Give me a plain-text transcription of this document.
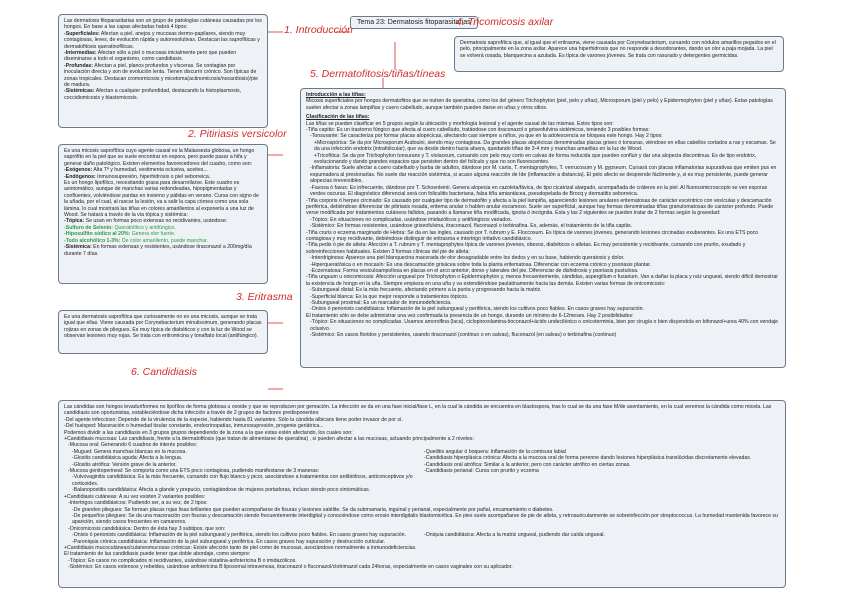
Tema 23: Dermatosis fitoparasitarias
1. Introducción
4. Tricomicosis axilar
5. Dermatofitosis/tiñas/tíneas
2. Pitiriasis versicolor
3. Eritrasma
6. Candidiasis

Las dermatosis fitoparasitarias son un grupo de patologías cutáneas causadas por los hongos. En base a las capas afectadas habrá 4 tipos:

-Superficiales: Afectan a piel, anejos y mucosas dermo-papilares, siendo muy contagiosas, leves, de evolución rápida y autoresolutivas. Destacan las saprofíticas y dermatofitosis queratinofílicas.

-Intermedias: Afectan sólo a piel o mucosas inicialmente pero que pueden diseminarse a todo el organismo, como candidiasis.

-Profundas: Afectan a piel, planos profundos y vísceras. Se contagian por inoculación directa y son de evolución lenta. Tienen discurrir crónico. Son típicas de zonas tropicales. Destacan cromomicosis y micetoma(actinomicosis/nocardiosis)/pie de madura.

-Sistémicas: Afectan a cualquier profundidad, destacando la histoplasmosis, coccidiomicosis y blastomicosis.

Es una micosis saprofítica cuyo agente causal es la Malassezia globosa, un hongo saprófito en la piel que se suele encontrar en espora, pero puede pasar a hifa y generar daño patológico. Existen elementos favorecedores del cuadro, como son:

-Exógenos: Alta Tª y humedad, vestimenta oclusiva, aceites...

-Endógenos: Inmunosupresión, hiperhidrosis o piel seborreica.

Es un hongo lipofílico, necesitando grasa para desarrollarse. Este cuadro es asintomático, aunque de manchas varias redondeadas, hipopigmentadas y confluentes, volviéndose pardas en invierno y pálidas en verano. Cursa con signo de la uñada, por el cual, al rascar la lesión, va a salir la capa córnea como una sola lámina, lo cual mostrará las tiñas en colores amarillentos al exponerla a una luz de Wood. Se tratará a través de la vía tópica y sistémica:

-Tópica: Se usan en formas poco extensas no recidivantes, usándose:

-Sulfuro de Selenio: Queratolítico y antifúngico.

-Hiposulfito sódico al 20%: Genera olor fuerte.

-Todo alcohólico 1-3%: De color amarillento, puede manchar.

-Sistémica: En formas extensas y resistentes, usándose itraconazol a 200mg/día durante 7 días.

Es una dermatosis saprofítica que curiosamente no es una micosis, aunque se trata igual que ellas. Viene causada por Corynebacterium minutissimum, generando placas rojizas en zonas de pliegues. Es muy típica de diabéticos y con la luz de Wood se observan lesiones muy rojas. Se trata con eritromicina y tonaftato local (antifúngico).

Dermatosis saprofítica que, al igual que el eritrasma, viene causada por Corynebacterium, cursando con nódulos amarillos pegados en el pelo, principalmente en la zona axilar. Aparece una hiperhidrosis que no responde a desodorantes, dando un olor a paja mojada. La piel se volverá rosada, blanquecina a azulada. Es típica de varones jóvenes. Se trata con rasurado y detergentes germicidas.

Introducción a las tiñas:

Micosis superficiales por hongos dermatofitos que se nutren de queratina, como los del género Trichophyton (piel, pelo y uñas), Microsporum (piel y pelo) y Epidermophyton (piel y uñas). Estas patologías suelen afectar a zonas lampiñas y cuero cabelludo, aunque también pueden darse en uñas y otros sitios.

Clasificación de las tiñas:

Las tiñas se pueden clasificar en 5 grupos según la ubicación y morfología lesional y el agente causal de las mismas. Estos tipos son:

-Tiña capitis: Es un trastorno fúngico que afecta al cuero cabelludo, tratándose con itraconazol o griseofulvina sistémicos, teniendo 3 posibles formas:

-Tonsurante: Se caracteriza por formar placas alopécicas, afectando casi siempre a niños, ya que en la adolescencia se bloquea este hongo. Hay 2 tipos:

+Microspórica: Se da por Microsporum Audouini, siendo muy contagiosa. Da grandes placas alopécicas denominadas placas grises ó tonsuras, viéndose en ellas cabellos cortados a ras y escamas. Se da una infección endotrix (intrafolicular), que va desde dentro hacia afuera, quedando tiñas de 3-4 mm y manchas amarillas en la luz de Wood.

+Tricofítica: Se da por Trichophyton tonsurans y T. violaceum, cursando con pelo muy corto en calvas de forma reducida que pueden confluir y dar una alopecia discontinua. Es de tipo endotrix, evolucionando y dando grandes espacios que persisten dentro del folículo y que no son fluorescentes.

-Inflamatoria: Suele afectar a cuero cabelludo y barba de adultos, dándose por M. canis, T. mentagrophytes, T. verrucosum y M. gypseum. Cursará con placas inflamatorias supurativas que emiten pus en espumadera al presionarlas. No suele dar reacción sistémica, si acaso alguna reacción de Ide (inflamación a distancia). El pelo afecto se desprende fácilmente y, si es muy persistente, puede generar alopecias irreversibles.

-Favosa ó favus: Es infrecuente, dándose por T. Schoenleinii. Genera alopecia en cazoleta/fávica, de tipo cicatrizal alargado, acompañada de cráteres en la piel. Al fluorosimicroscopio se ven esporas verdes oscuras. El diagnóstico diferencial será con foliculitis bacteriana, falsa tiña amiantácea, pseudopelada de Brocq y dermatitis seborreica.

-Tiña corporis ó herpes circinado: Es causado por cualquier tipo de dermatofito y afecta a la piel lampiña, apareciendo lesiones anulares eritematosas de carácter excéntrico con vesículas y descamación periférica, debiéndose diferenciar de pitiriasis rosada, eritema anular o hablen anular escamoso. Suele ser superficial, aunque hay formas denominadas tiñas granulomatosas de carácter profundo. Puede verse modificada por tratamientos cutáneos fallidos, pasando a llamarse tiña modificada, ignota ó incógnita. Esta y las 2 siguientes se pueden tratar de 2 formas según la gravedad:

-Tópico: En situaciones no complicadas, usándose imidazólicos y antifúngicos variados.

-Sistémico: En formas resistentes, usándose griseofulvina, itraconazol, fluconazol o terbinafina. Es, además, el tratamiento de la tiña capitis.

-Tiña cruris o eczema marginado de Hebra: Se da en las ingles, causado por T. rubrum y E. Floccosum. Es típica de varones jóvenes, generando lesiones circinadas exuberantes. Es una ETS poco contagiosa y muy recidivante, debiéndose distinguir de eritrasma e intertrigo irritativo candidiásico.

-Tiña pedis ó pie de atleta: Afección a T. rubrum y T. mentagrophytes típica de varones jóvenes, obesos, diabéticos o atletas. Es muy persistente y recidivante, cursando con prurito, exudado y sobreinfecciones habituales. Existen 3 formas clínicas del pie de atleta:

-Interdriginosa: Aparece una piel blanquecina macerada de olor desagradable entre los dedos y en su base, habiendo queratosis y dolor.

-Hiperqueratósica o en mocasín: Es una descamación grisácea sobre toda la planta eritematosa. Diferenciar con eczema crónico y psoriasis plantar.

-Eczematosa: Forma vesiculoampollosa en placas en el arco anterior, dorso y laterales del pie. Diferenciar de dishidrosis y psoriasis pustulosa.

-Tiña unguum u onicomicosis: Afección ungueal por Trichophyton o Epidermophyton y, menos frecuentemente, cándidas, aspergillum o fusarium. Van a dañar la placa y raíz ungueal, siendo difícil demostrar la existencia de hongo en la uña. Siempre empieza en una uña y va extendiéndose paulatinamente hacia las demás. Existen varias formas de onicomicosis:

-Subungueal distal: Es la más frecuente, afectando primero a la punta y progresando hacia la matriz.

-Superficial blanca: Es la que mejor responde a tratamientos tópicos.

-Subungueal proximal: Es un marcador de inmunodeficiencia.

-Onixis ó perionixis candidiásica: Inflamación de la piel subungueal y periférica, siendo los cultivos poco fiables. En casos graves hay supuración.

El tratamiento sólo se debe administrar una vez confirmada la presencia de un hongo, durando un mínimo de 6-12meses. Hay 2 posibilidades:

-Tópico: En situaciones no complicadas. Usamos amorolfina (laca), ciclopiroxolamina-tioconazol+ácido undecilénico o onicoterminia, bien por cirugía o bien disyendola en bifonazol+urea 40% con vendaje oclusivo.

-Sistémico: En casos floridos y persistentes, usando itraconazol (continuo o en salvas), fluconazol (en salvas) o terbinafina (continuo)

Las cándidas son hongos levaduriformes no lipofílos de forma globosa u ovoide y que se reproducen por gemación. La infección se da en una fase inicial/fase L, en la cual la cándida se encuentra en blastospora, tras lo cual se da una fase M/de asentamiento, en la cual veremos la cándida como micela. Las candidiasis son oportunistas, estableciéndose dicha infección a través de 2 grupos de factores predisponentes:

-Del agente infeccioso: Depende de la virulencia de la especie, habiendo hasta 81 variantes. Sólo la cándida albicans tiene poder invasor de por sí.

-Del huésped: Maceración o humedad tisular constante, endocrinopatías, inmunosupresión, progenie geriátrica...

Podemos dividir a las candidiasis en 3 grupos grupos dependiendo de la zona a la que estas estén afectando, los cuales son:

+Candidiasis mucosas: Las candidiasis, frente a la dermatofitosis (que tratan de alimentarse de queratina) , si pueden afectar a las mucosas, actuando principalmente a 2 niveles:

-Mucosa oral: Generando 6 cuadros de interés posibles:

-Muguet: Genera manchas blancas en la mucosa.

-Glositis candidiásica aguda: Afecta a la lengua.

-Glositis atrófica: Versión grave de la anterior.

-Mucosa genitoperineal: Se comporta como una ETS poco contagiosa, pudiendo manifestarse de 3 maneras:

-Vulvovaginitis candidiásica: Es la más frecuente, cursando con flujo blanco y picor, asociándose a tratamientos con antibióticos, anticonceptivos y/o corticoides.

-Balanopostitis candidiásica: Afecta a glande y prepucio, contagiándose de mujeres portadoras, incluso siendo poco sintomáticas.

-Queilitis angular ó boquera: Inflamación de la comisura labial

-Candidiasis hiperplásica crónica: Afecta a la mucosa oral de forma perenne dando lesiones hiperplásica translúcidas discretamente elevadas.

-Candidiasis oral atrófica: Similar a la anterior, pero con carácter atrófico en ciertas zonas.

-Candidiasis perianal: Cursa con prurito y eczema

+Candidiasis cutáneas: A su vez existen 2 variantes posibles:

-Intertrigos candidiásicos: Pudiendo ser, a su vez, de 2 tipos:

-De grandes pliegues: Se forman placas rojas lisas brillantes que pueden acompañarse de fisuras y lesiones satélite. Se da submamaria, inguinal y perianal, especialmente por pañal, encamamiento o diabetes.

-De pequeños pliegues: Se da una maceración con fisuras y descamación siendo frecuentemente interdigital y conociéndose como erosio interdigitalis blastomicética. En pies suele acompañarse de pie de atleta, y retroauricularmente se sobreinfección por streptococcus. La humedad mantenida favorece su aparición, siendo casos frecuentes en camareros.

-Onicomicosis candidiásica: Dentro de ésta hay 3 subtipos, que son:

-Onixis ó perionixis candidiásica: Inflamación de la piel subungueal y periférica, siendo los cultivos poco fiables. En casos graves hay supuración.	-Oniquia candidiásica: Afecta a la matriz ungueal, pudiendo dar caída ungueal.

-Paroniquia crónica candidiásica: Inflamación de la piel subungueal y periférica. En casos graves hay supuración y destrucción cuticular.

+Candidiasis mucocutáneas/cutaneomucosas crónicas: Existe afección tanto de piel como de mucosas, asociándose normalmente a inmunodeficiencias.

El tratamiento de las candidiasis puede tener que doble abordaje, como siempre:

-Tópico: En casos no complicados ni recidivantes, usándose nistatina-anfotericina B o imidazólicos.

-Sistémico: En casos extensos y rebeldes, usándose anfotericina B liposomal intravenosa, itraconazol o fluconazol/clotrimazol cada 24horas, especialmente en casos vaginales con su aplicador.
